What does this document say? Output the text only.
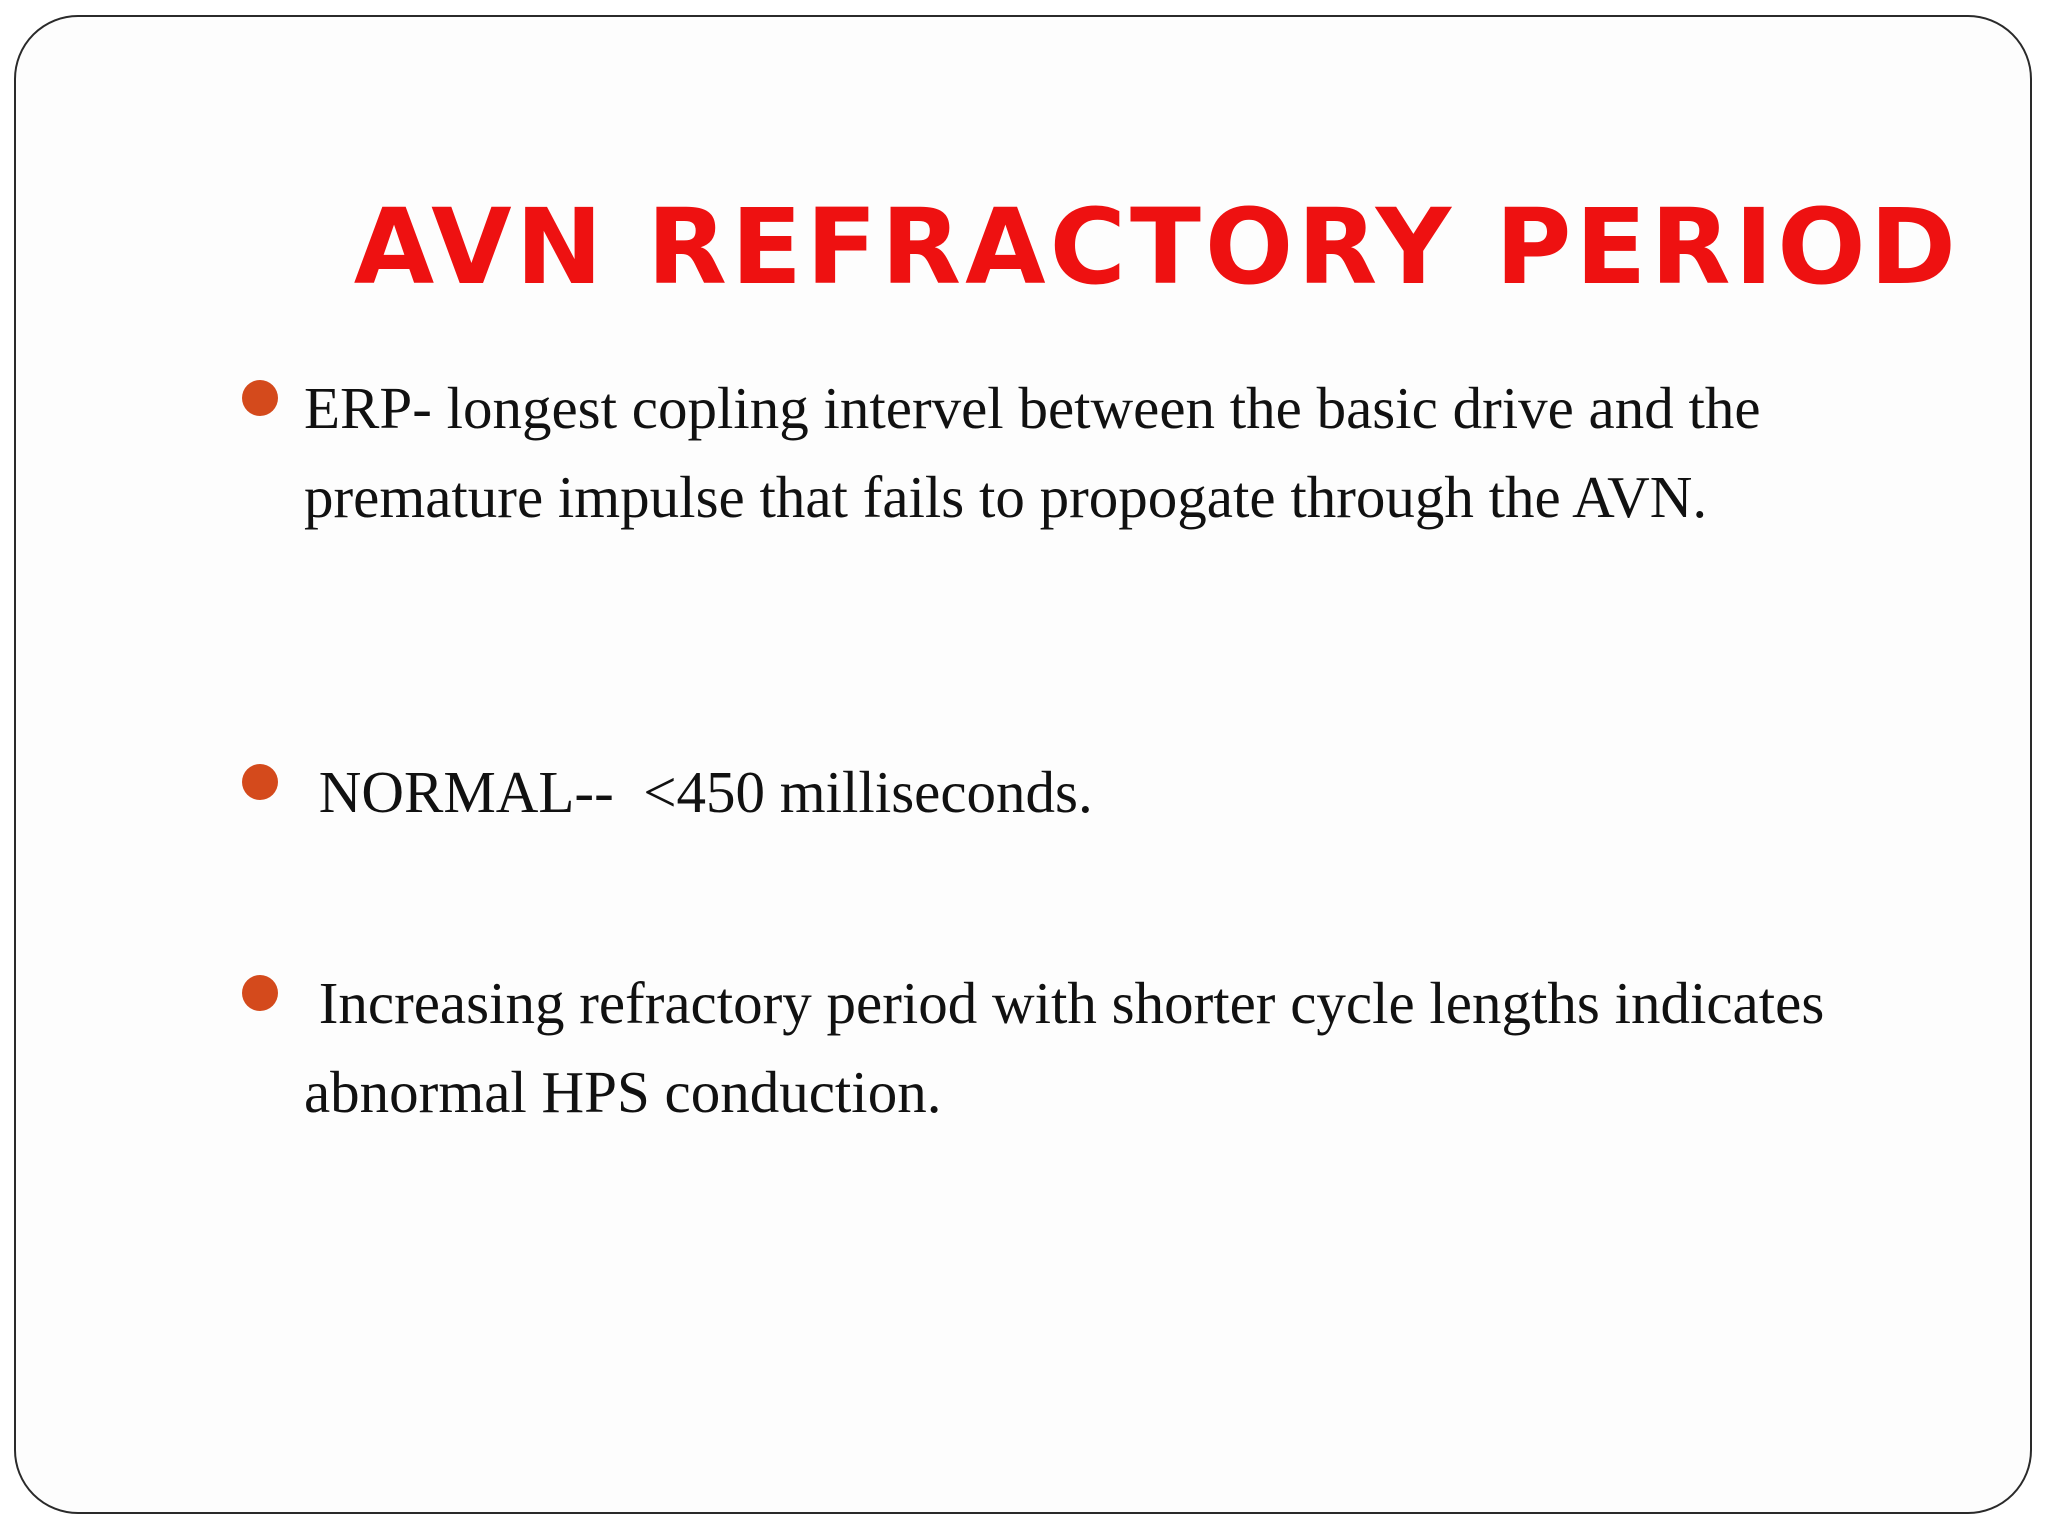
AVN REFRACTORY PERIOD
ERP- longest copling intervel between the basic drive and the premature impulse that fails to propogate through the AVN.
NORMAL--  <450 milliseconds.
Increasing refractory period with shorter cycle lengths indicates abnormal HPS conduction.
